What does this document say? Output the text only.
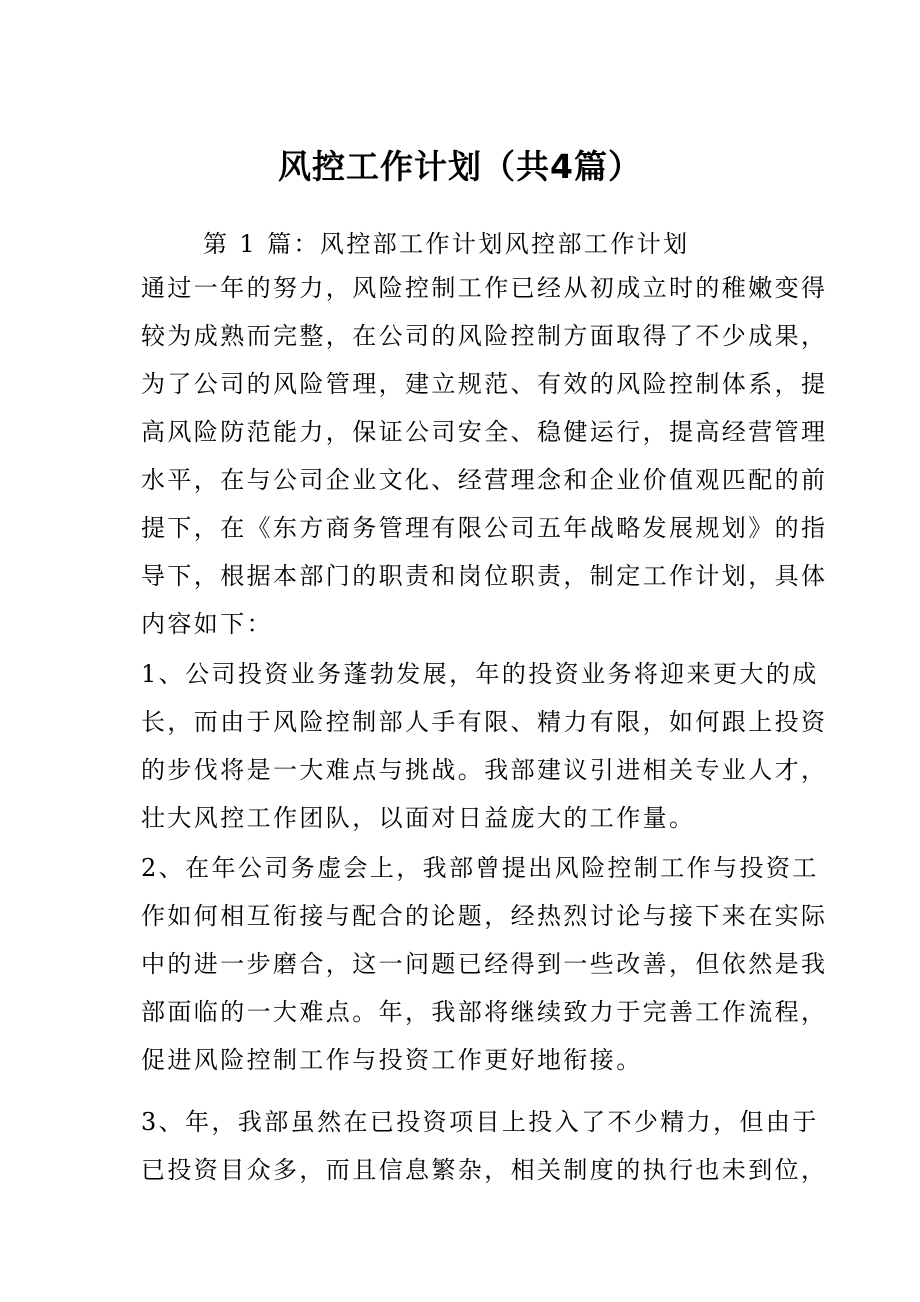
风控工作计划（共4篇）
第 1 篇：风控部工作计划风控部工作计划
通过一年的努力，风险控制工作已经从初成立时的稚嫩变得
较为成熟而完整，在公司的风险控制方面取得了不少成果，
为了公司的风险管理，建立规范、有效的风险控制体系，提
高风险防范能力，保证公司安全、稳健运行，提高经营管理
水平，在与公司企业文化、经营理念和企业价值观匹配的前
提下，在《东方商务管理有限公司五年战略发展规划》的指
导下，根据本部门的职责和岗位职责，制定工作计划，具体
内容如下：
1、公司投资业务蓬勃发展，年的投资业务将迎来更大的成
长，而由于风险控制部人手有限、精力有限，如何跟上投资
的步伐将是一大难点与挑战。我部建议引进相关专业人才，
壮大风控工作团队，以面对日益庞大的工作量。
2、在年公司务虚会上，我部曾提出风险控制工作与投资工
作如何相互衔接与配合的论题，经热烈讨论与接下来在实际
中的进一步磨合，这一问题已经得到一些改善，但依然是我
部面临的一大难点。年，我部将继续致力于完善工作流程，
促进风险控制工作与投资工作更好地衔接。
3、年，我部虽然在已投资项目上投入了不少精力，但由于
已投资目众多，而且信息繁杂，相关制度的执行也未到位，
